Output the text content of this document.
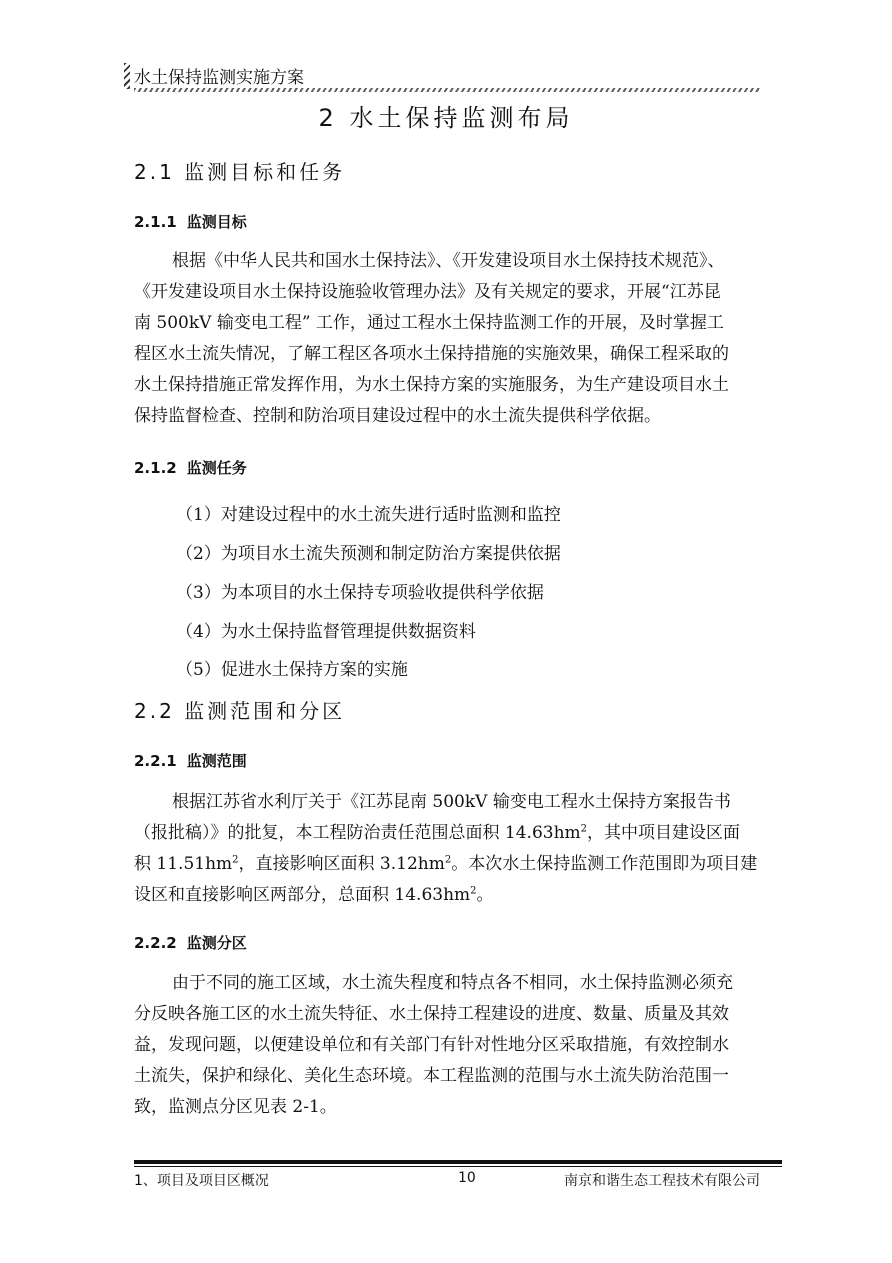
水土保持监测实施方案
2 水土保持监测布局
2.1 监测目标和任务
2.1.1 监测目标
根据《中华人民共和国水土保持法》、《开发建设项目水土保持技术规范》、
《开发建设项目水土保持设施验收管理办法》及有关规定的要求，开展“江苏昆
南 500kV 输变电工程” 工作，通过工程水土保持监测工作的开展，及时掌握工
程区水土流失情况，了解工程区各项水土保持措施的实施效果，确保工程采取的
水土保持措施正常发挥作用，为水土保持方案的实施服务，为生产建设项目水土
保持监督检查、控制和防治项目建设过程中的水土流失提供科学依据。
2.1.2 监测任务
（1）对建设过程中的水土流失进行适时监测和监控
（2）为项目水土流失预测和制定防治方案提供依据
（3）为本项目的水土保持专项验收提供科学依据
（4）为水土保持监督管理提供数据资料
（5）促进水土保持方案的实施
2.2 监测范围和分区
2.2.1 监测范围
根据江苏省水利厅关于《江苏昆南 500kV 输变电工程水土保持方案报告书
（报批稿）》的批复，本工程防治责任范围总面积 $14.63hm^2$，其中项目建设区面
积 $11.51hm^2$，直接影响区面积 $3.12hm^2$。本次水土保持监测工作范围即为项目建
设区和直接影响区两部分，总面积 $14.63hm^2$。
2.2.2 监测分区
由于不同的施工区域，水土流失程度和特点各不相同，水土保持监测必须充
分反映各施工区的水土流失特征、水土保持工程建设的进度、数量、质量及其效
益，发现问题，以便建设单位和有关部门有针对性地分区采取措施，有效控制水
土流失，保护和绿化、美化生态环境。本工程监测的范围与水土流失防治范围一
致，监测点分区见表 2-1。
1、项目及项目区概况	10	南京和谐生态工程技术有限公司
